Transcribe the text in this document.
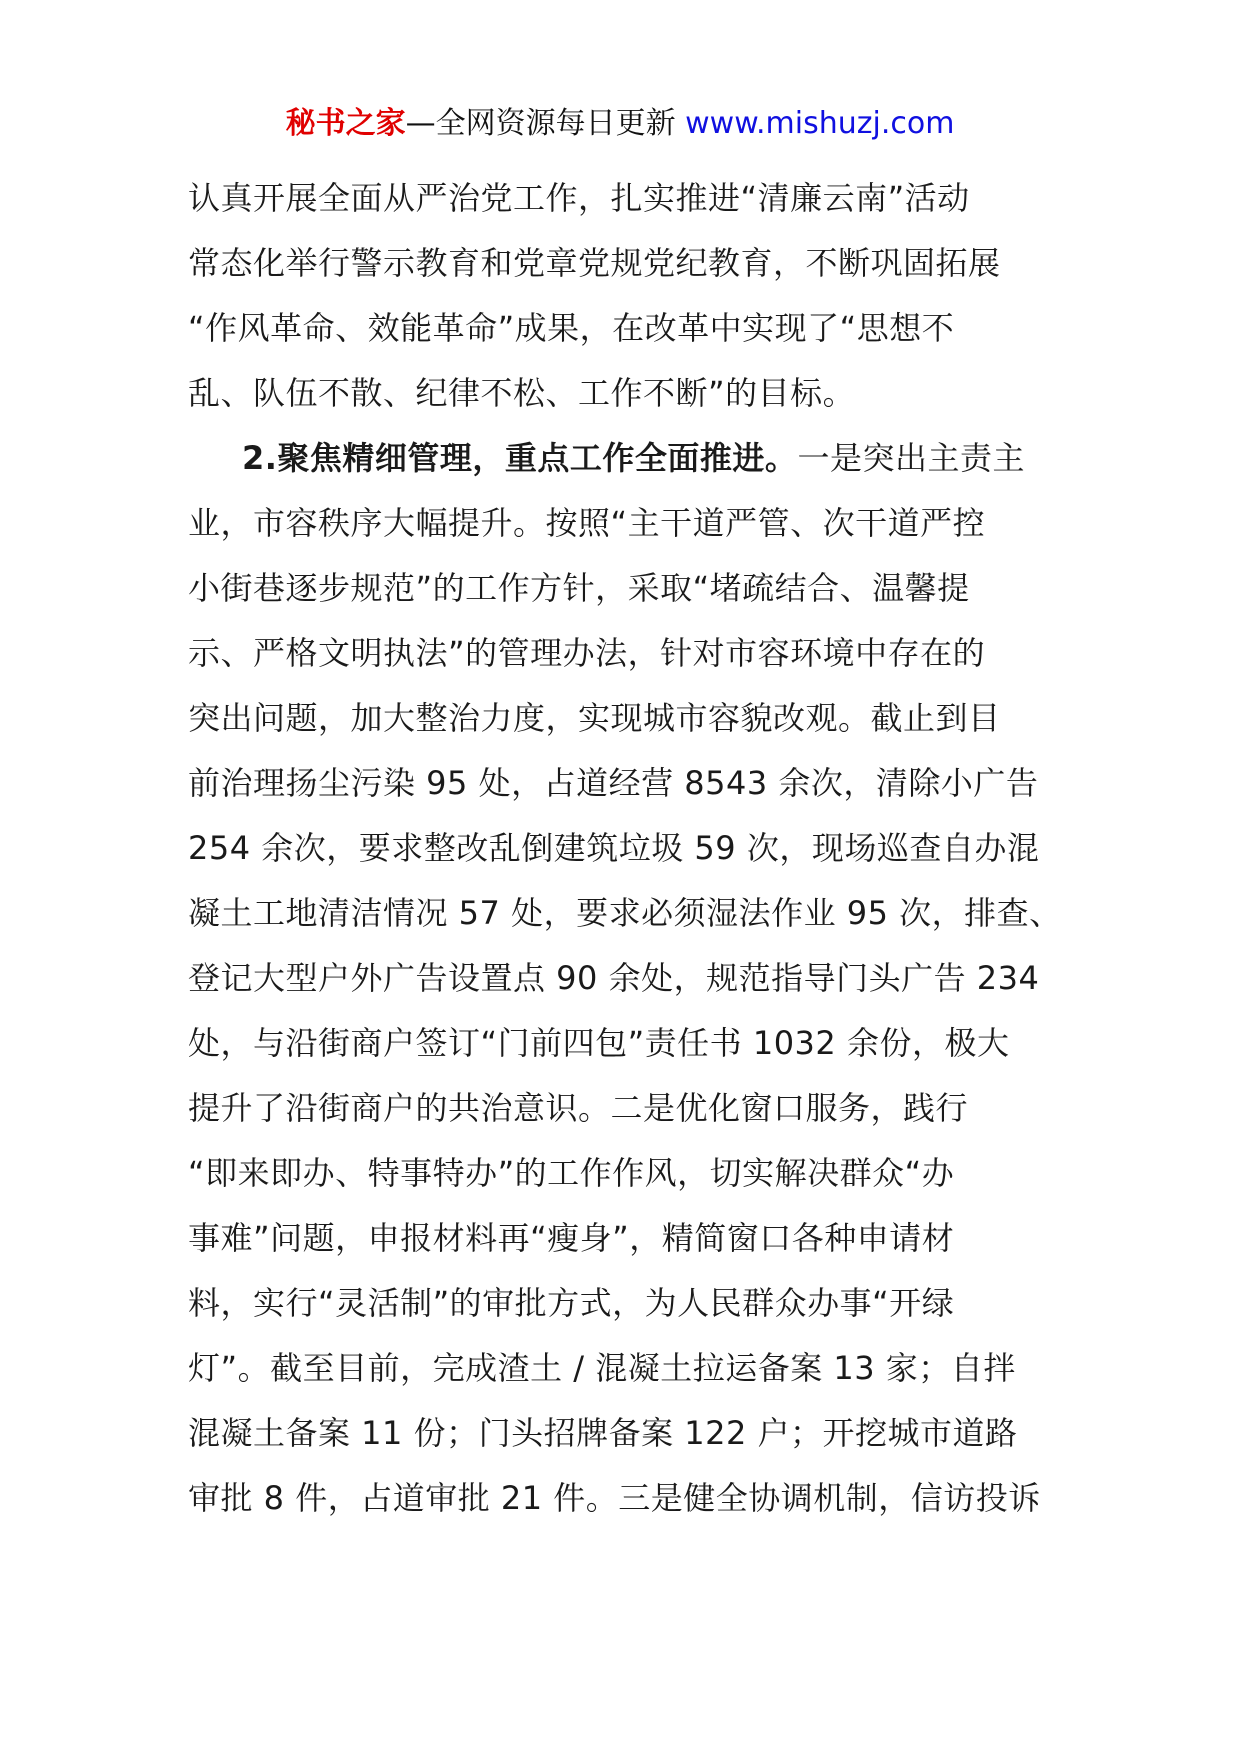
秘书之家—全网资源每日更新 www.mishuzj.com
认真开展全面从严治党工作，扎实推进“清廉云南”活动
常态化举行警示教育和党章党规党纪教育，不断巩固拓展
“作风革命、效能革命”成果，在改革中实现了“思想不
乱、队伍不散、纪律不松、工作不断”的目标。
2.聚焦精细管理，重点工作全面推进。一是突出主责主
业，市容秩序大幅提升。按照“主干道严管、次干道严控
小街巷逐步规范”的工作方针，采取“堵疏结合、温馨提
示、严格文明执法”的管理办法，针对市容环境中存在的
突出问题，加大整治力度，实现城市容貌改观。截止到目
前治理扬尘污染 95 处，占道经营 8543 余次，清除小广告
254 余次，要求整改乱倒建筑垃圾 59 次，现场巡查自办混
凝土工地清洁情况 57 处，要求必须湿法作业 95 次，排查、
登记大型户外广告设置点 90 余处，规范指导门头广告 234
处，与沿街商户签订“门前四包”责任书 1032 余份，极大
提升了沿街商户的共治意识。二是优化窗口服务，践行
“即来即办、特事特办”的工作作风，切实解决群众“办
事难”问题，申报材料再“瘦身”，精简窗口各种申请材
料，实行“灵活制”的审批方式，为人民群众办事“开绿
灯”。截至目前，完成渣土 / 混凝土拉运备案 13 家；自拌
混凝土备案 11 份；门头招牌备案 122 户；开挖城市道路
审批 8 件，占道审批 21 件。三是健全协调机制，信访投诉
